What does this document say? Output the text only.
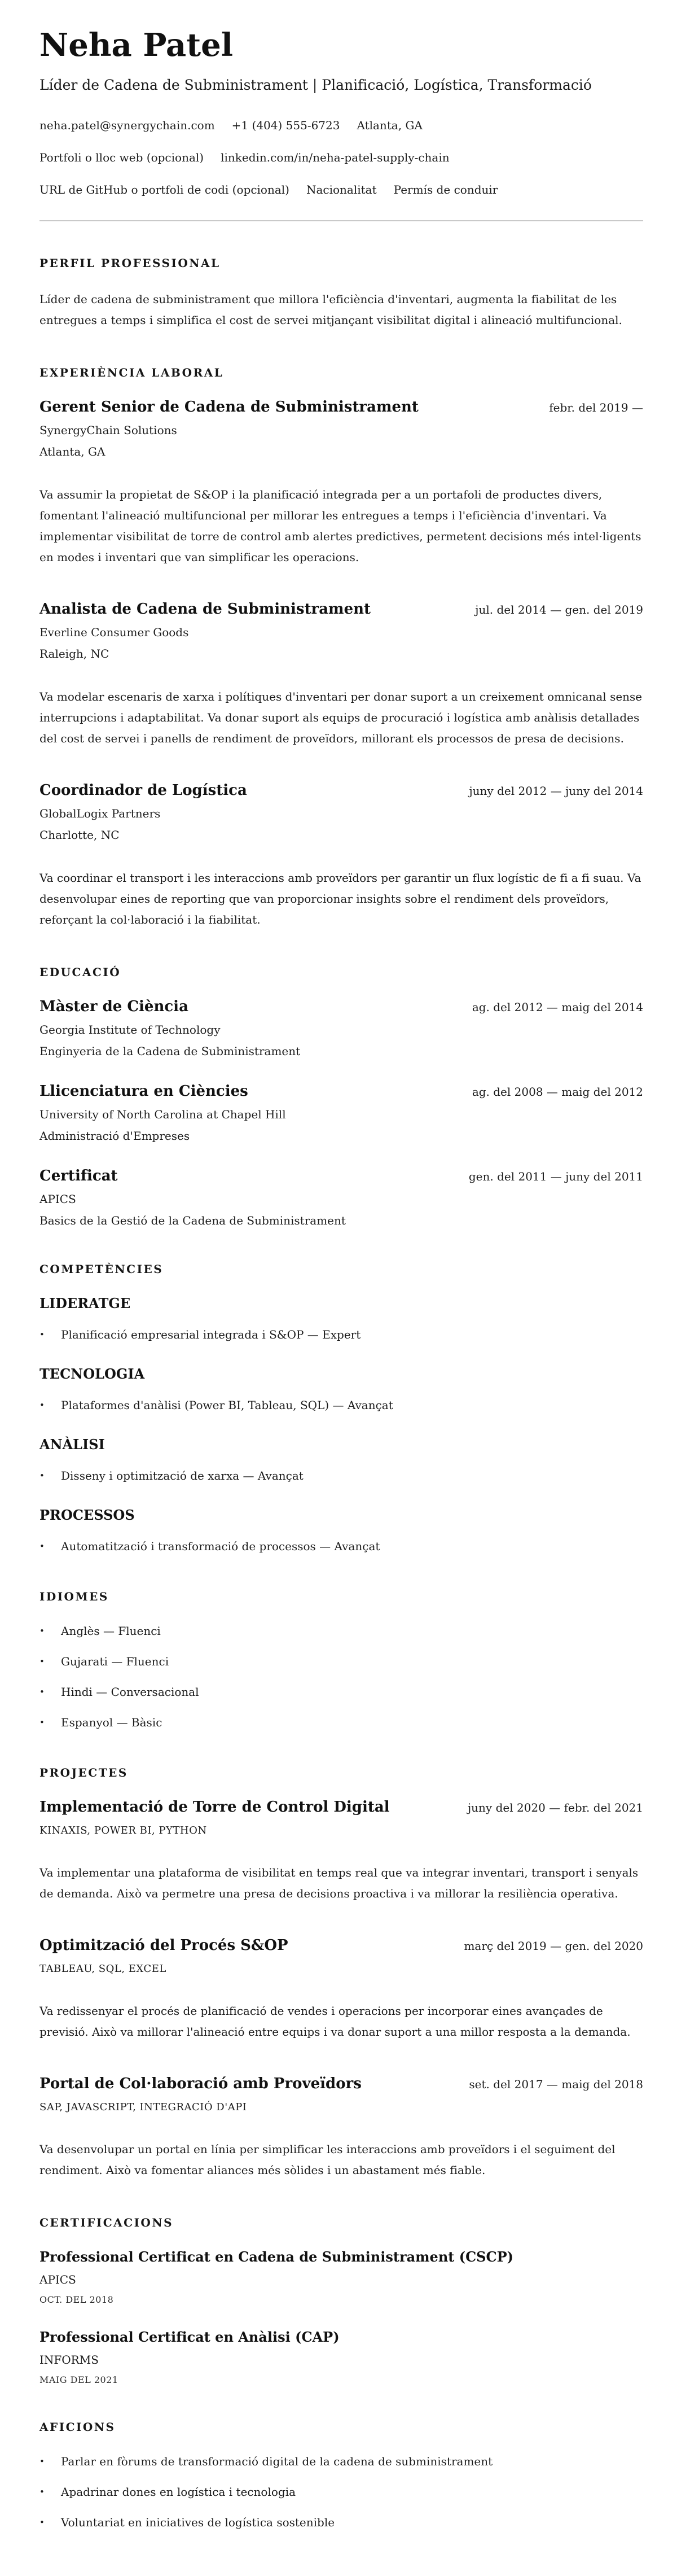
Neha Patel

Líder de Cadena de Subministrament | Planificació, Logística, Transformació

neha.patel@synergychain.com +1 (404) 555-6723 Atlanta, GA
Portfoli o lloc web (opcional) linkedin.com/in/neha-patel-supply-chain
URL de GitHub o portfoli de codi (opcional) Nacionalitat Permís de conduir
PERFIL PROFESSIONAL

Líder de cadena de subministrament que millora l'eficiència d'inventari, augmenta la fiabilitat de les entregues a temps i simplifica el cost de servei mitjançant visibilitat digital i alineació multifuncional.

EXPERIÈNCIA LABORAL
Gerent Senior de Cadena de Subministrament	febr. del 2019 —
SynergyChain Solutions
Atlanta, GA

Va assumir la propietat de S&OP i la planificació integrada per a un portafoli de productes divers, fomentant l'alineació multifuncional per millorar les entregues a temps i l'eficiència d'inventari. Va implementar visibilitat de torre de control amb alertes predictives, permetent decisions més intel·ligents en modes i inventari que van simplificar les operacions.

Analista de Cadena de Subministrament	jul. del 2014 — gen. del 2019
Everline Consumer Goods
Raleigh, NC

Va modelar escenaris de xarxa i polítiques d'inventari per donar suport a un creixement omnicanal sense interrupcions i adaptabilitat. Va donar suport als equips de procuració i logística amb anàlisis detallades del cost de servei i panells de rendiment de proveïdors, millorant els processos de presa de decisions.

Coordinador de Logística	juny del 2012 — juny del 2014
GlobalLogix Partners
Charlotte, NC

Va coordinar el transport i les interaccions amb proveïdors per garantir un flux logístic de fi a fi suau. Va desenvolupar eines de reporting que van proporcionar insights sobre el rendiment dels proveïdors, reforçant la col·laboració i la fiabilitat.

EDUCACIÓ
Màster de Ciència	ag. del 2012 — maig del 2014
Georgia Institute of Technology
Enginyeria de la Cadena de Subministrament
Llicenciatura en Ciències	ag. del 2008 — maig del 2012
University of North Carolina at Chapel Hill
Administració d'Empreses
Certificat	gen. del 2011 — juny del 2011
APICS
Basics de la Gestió de la Cadena de Subministrament
COMPETÈNCIES
LIDERATGE
•	Planificació empresarial integrada i S&OP — Expert
TECNOLOGIA
•	Plataformes d'anàlisi (Power BI, Tableau, SQL) — Avançat
ANÀLISI
•	Disseny i optimització de xarxa — Avançat
PROCESSOS
•	Automatització i transformació de processos — Avançat
IDIOMES
•	Anglès — Fluenci
•	Gujarati — Fluenci
•	Hindi — Conversacional
•	Espanyol — Bàsic
PROJECTES
Implementació de Torre de Control Digital	juny del 2020 — febr. del 2021
KINAXIS, POWER BI, PYTHON

Va implementar una plataforma de visibilitat en temps real que va integrar inventari, transport i senyals de demanda. Això va permetre una presa de decisions proactiva i va millorar la resiliència operativa.

Optimització del Procés S&OP	març del 2019 — gen. del 2020
TABLEAU, SQL, EXCEL

Va redissenyar el procés de planificació de vendes i operacions per incorporar eines avançades de previsió. Això va millorar l'alineació entre equips i va donar suport a una millor resposta a la demanda.

Portal de Col·laboració amb Proveïdors	set. del 2017 — maig del 2018
SAP, JAVASCRIPT, INTEGRACIÓ D'API

Va desenvolupar un portal en línia per simplificar les interaccions amb proveïdors i el seguiment del rendiment. Això va fomentar aliances més sòlides i un abastament més fiable.

CERTIFICACIONS
Professional Certificat en Cadena de Subministrament (CSCP)
APICS
OCT. DEL 2018
Professional Certificat en Anàlisi (CAP)
INFORMS
MAIG DEL 2021
AFICIONS
•	Parlar en fòrums de transformació digital de la cadena de subministrament
•	Apadrinar dones en logística i tecnologia
•	Voluntariat en iniciatives de logística sostenible
